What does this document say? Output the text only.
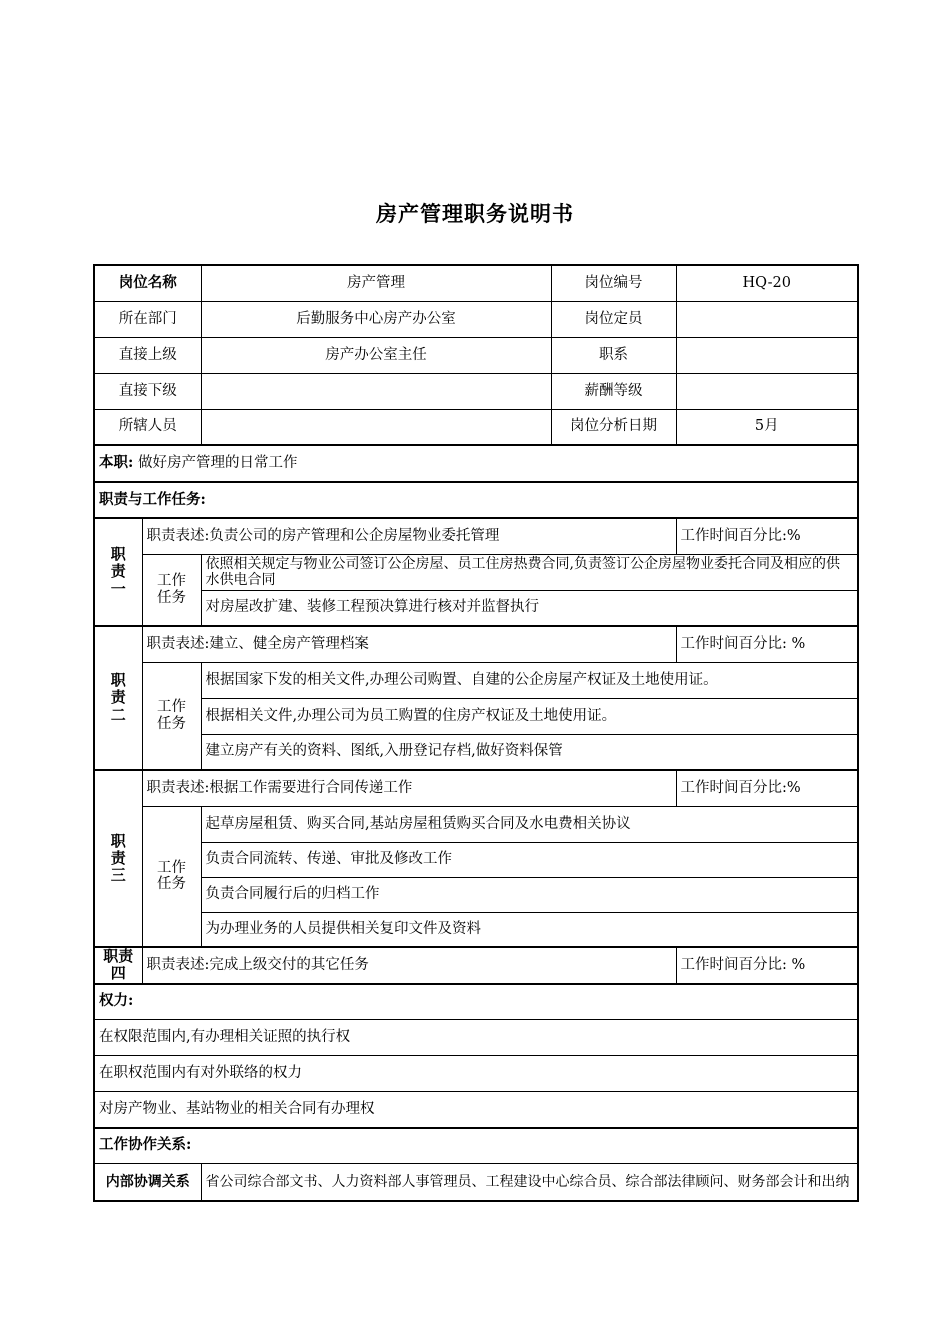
房产管理职务说明书
岗位名称		房产管理	岗位编号	HQ-20
所在部门		后勤服务中心房产办公室	岗位定员	
直接上级		房产办公室主任	职系	
直接下级			薪酬等级	
所辖人员			岗位分析日期	5月
本职: 做好房产管理的日常工作				
职责与工作任务:				
职责一	职责表述:负责公司的房产管理和公企房屋物业委托管理			工作时间百分比:%
	工作任务	依照相关规定与物业公司签订公企房屋、员工住房热费合同,负责签订公企房屋物业委托合同及相应的供水供电合同		
		对房屋改扩建、装修工程预决算进行核对并监督执行		
职责二	职责表述:建立、健全房产管理档案			工作时间百分比: %
	工作任务	根据国家下发的相关文件,办理公司购置、自建的公企房屋产权证及土地使用证。		
		根据相关文件,办理公司为员工购置的住房产权证及土地使用证。		
		建立房产有关的资料、图纸,入册登记存档,做好资料保管		
职责三	职责表述:根据工作需要进行合同传递工作			工作时间百分比:%
	工作任务	起草房屋租赁、购买合同,基站房屋租赁购买合同及水电费相关协议		
		负责合同流转、传递、审批及修改工作		
		负责合同履行后的归档工作		
		为办理业务的人员提供相关复印文件及资料		
职责四	职责表述:完成上级交付的其它任务			工作时间百分比: %
权力:				
在权限范围内,有办理相关证照的执行权				
在职权范围内有对外联络的权力				
对房产物业、基站物业的相关合同有办理权				
工作协作关系:				
内部协调关系		省公司综合部文书、人力资料部人事管理员、工程建设中心综合员、综合部法律顾问、财务部会计和出纳		
